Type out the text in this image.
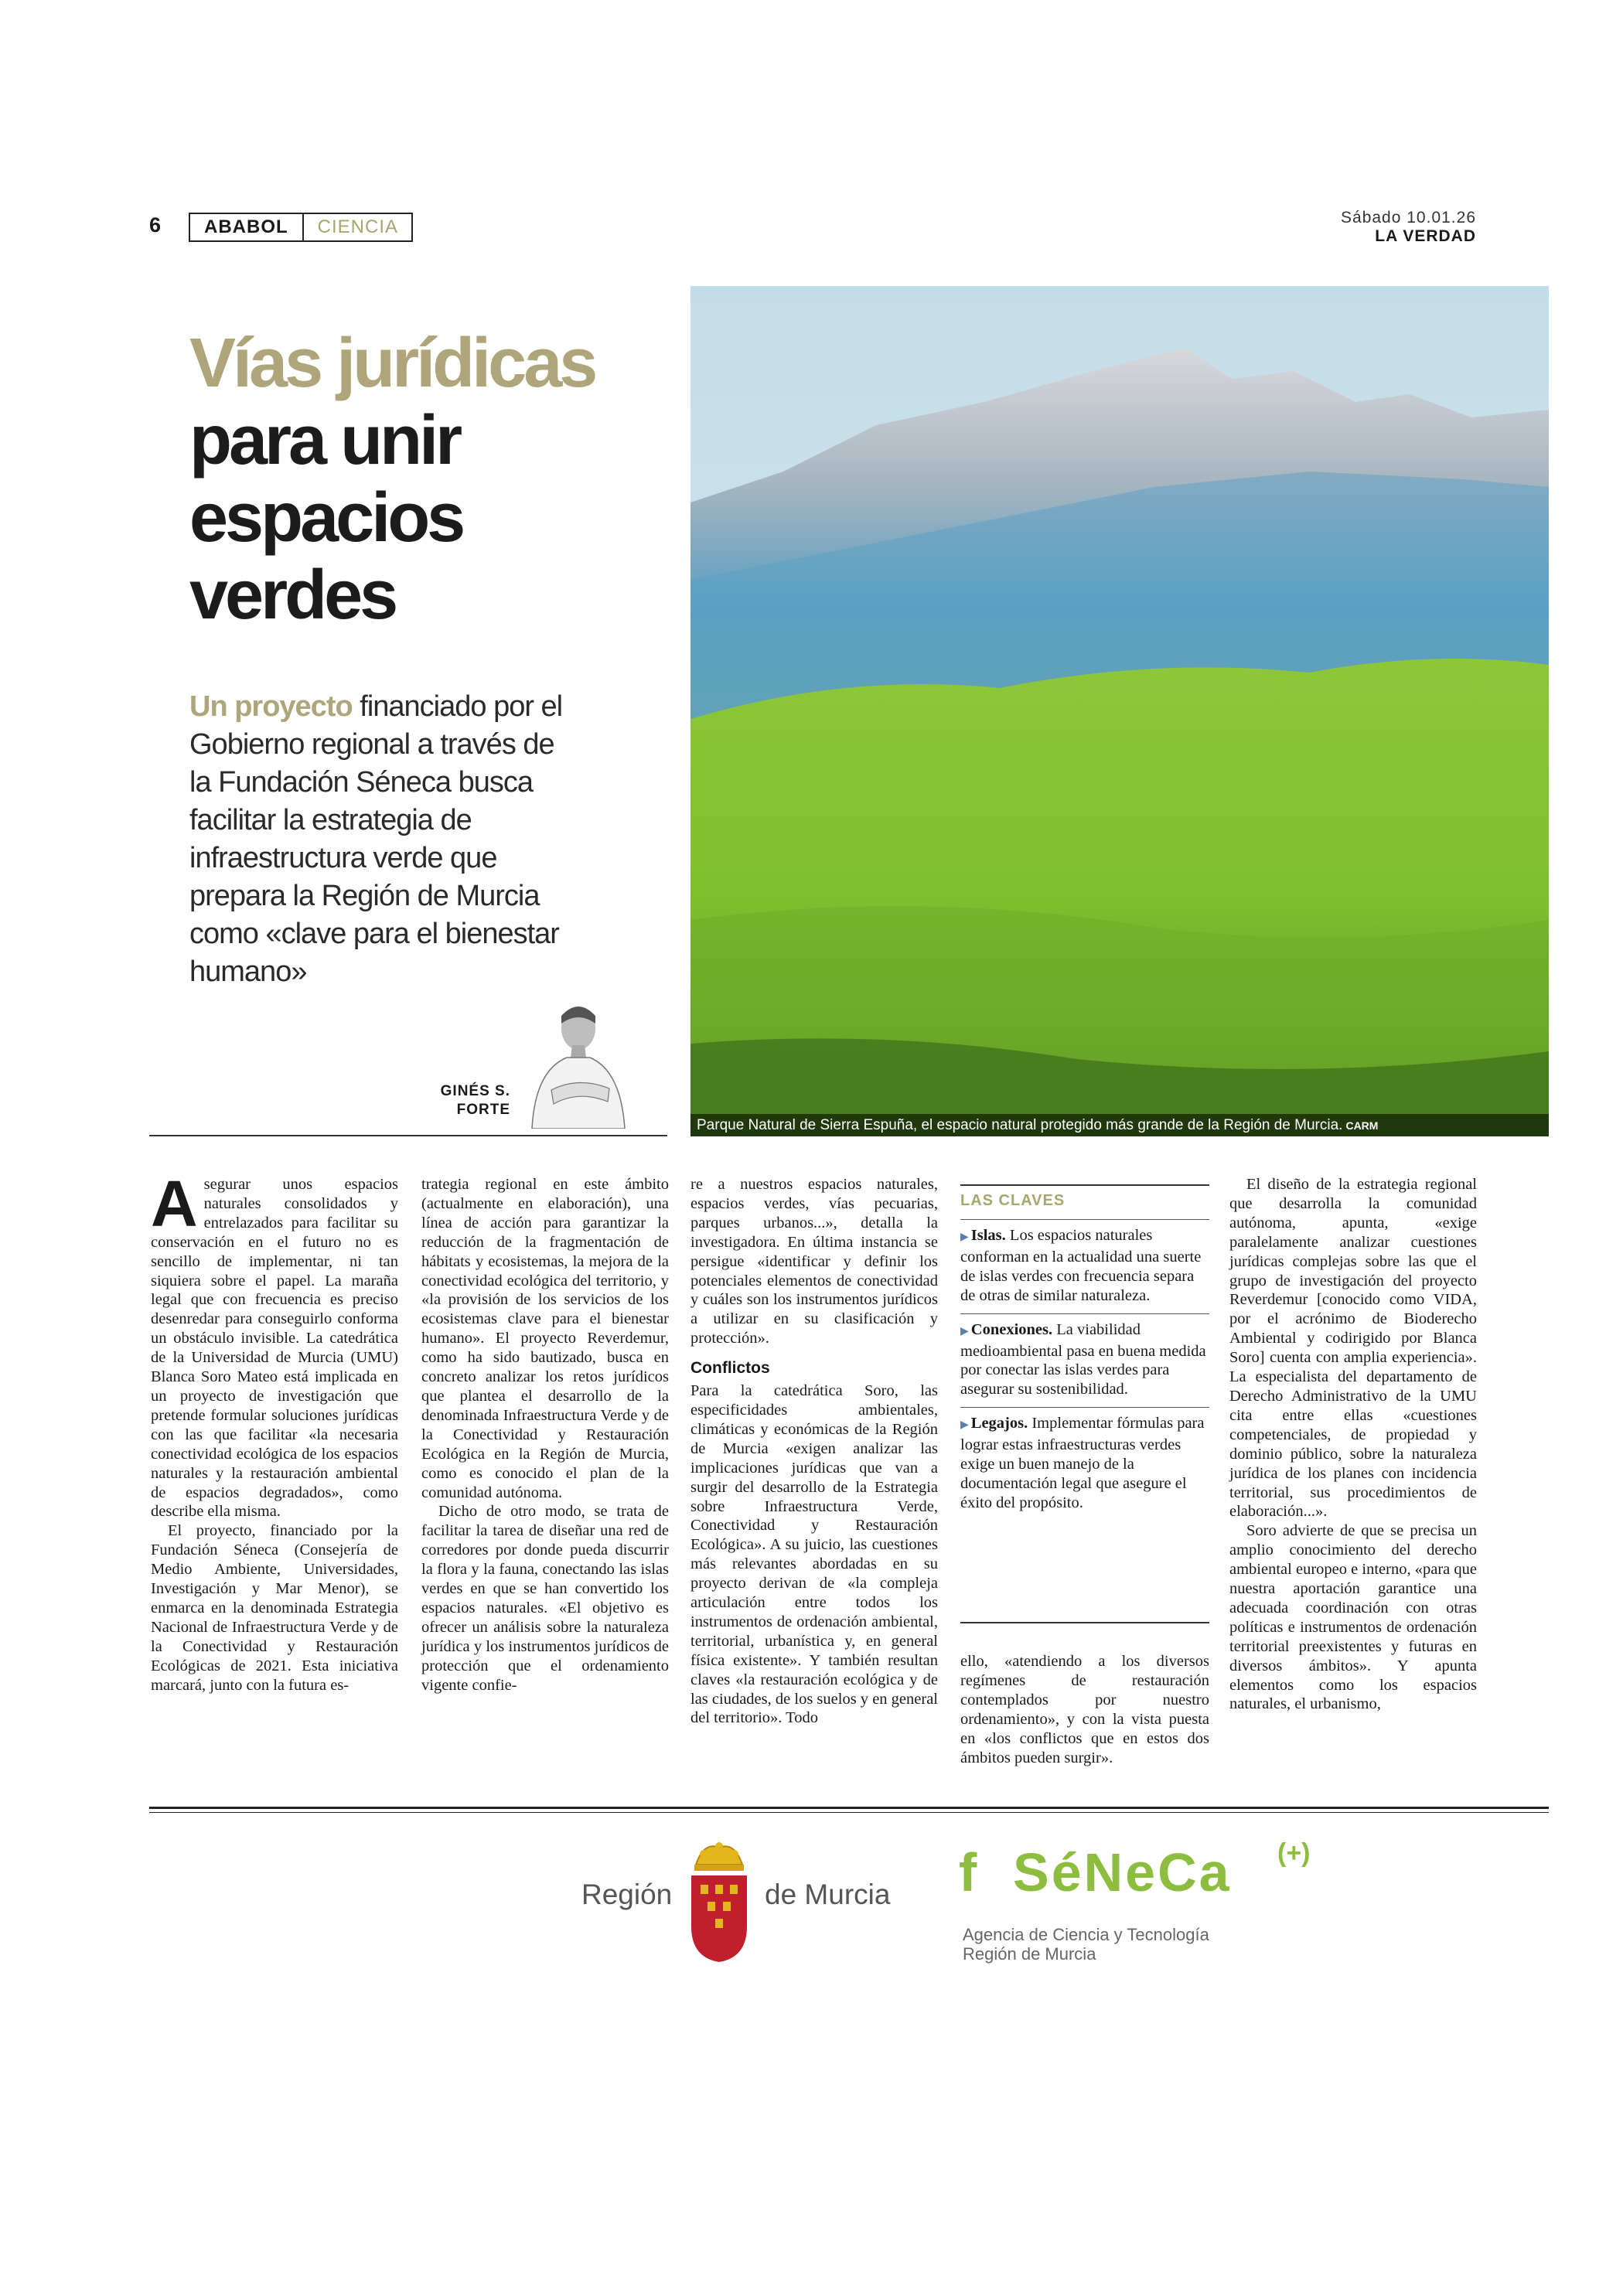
6	ABABOL	CIENCIA	Sábado 10.01.26
LA VERDAD
Vías jurídicas
para unir
espacios
verdes
Un proyecto financiado por el Gobierno regional a través de la Fundación Séneca busca facilitar la estrategia de infraestructura verde que prepara la Región de Murcia como «clave para el bienestar humano»
GINÉS S.
FORTE
Parque Natural de Sierra Espuña, el espacio natural protegido más grande de la Región de Murcia. CARM

Asegurar unos espacios naturales consolidados y entrelazados para facilitar su conservación en el futuro no es sencillo de implementar, ni tan siquiera sobre el papel. La maraña legal que con frecuencia es preciso desenredar para conseguirlo conforma un obstáculo invisible. La catedrática de la Universidad de Murcia (UMU) Blanca Soro Mateo está implicada en un proyecto de investigación que pretende formular soluciones jurídicas con las que facilitar «la necesaria conectividad ecológica de los espacios naturales y la restauración ambiental de espacios degradados», como describe ella misma.

El proyecto, financiado por la Fundación Séneca (Consejería de Medio Ambiente, Universidades, Investigación y Mar Menor), se enmarca en la denominada Estrategia Nacional de Infraestructura Verde y de la Conectividad y Restauración Ecológicas de 2021. Esta iniciativa marcará, junto con la futura es-

trategia regional en este ámbito (actualmente en elaboración), una línea de acción para garantizar la reducción de la fragmentación de hábitats y ecosistemas, la mejora de la conectividad ecológica del territorio, y «la provisión de los servicios de los ecosistemas clave para el bienestar humano». El proyecto Reverdemur, como ha sido bautizado, busca en concreto analizar los retos jurídicos que plantea el desarrollo de la denominada Infraestructura Verde y de la Conectividad y Restauración Ecológica en la Región de Murcia, como es conocido el plan de la comunidad autónoma.

Dicho de otro modo, se trata de facilitar la tarea de diseñar una red de corredores por donde pueda discurrir la flora y la fauna, conectando las islas verdes en que se han convertido los espacios naturales. «El objetivo es ofrecer un análisis sobre la naturaleza jurídica y los instrumentos jurídicos de protección que el ordenamiento vigente confie-

re a nuestros espacios naturales, espacios verdes, vías pecuarias, parques urbanos...», detalla la investigadora. En última instancia se persigue «identificar y definir los potenciales elementos de conectividad y cuáles son los instrumentos jurídicos a utilizar en su clasificación y protección».

Conflictos

Para la catedrática Soro, las especificidades ambientales, climáticas y económicas de la Región de Murcia «exigen analizar las implicaciones jurídicas que van a surgir del desarrollo de la Estrategia sobre Infraestructura Verde, Conectividad y Restauración Ecológica». A su juicio, las cuestiones más relevantes abordadas en su proyecto derivan de «la compleja articulación entre todos los instrumentos de ordenación ambiental, territorial, urbanística y, en general física existente». Y también resultan claves «la restauración ecológica y de las ciudades, de los suelos y en general del territorio». Todo

LAS CLAVES
▶ Islas. Los espacios naturales conforman en la actualidad una suerte de islas verdes con frecuencia separa de otras de similar naturaleza.
▶ Conexiones. La viabilidad medioambiental pasa en buena medida por conectar las islas verdes para asegurar su sostenibilidad.
▶ Legajos. Implementar fórmulas para lograr estas infraestructuras verdes exige un buen manejo de la documentación legal que asegure el éxito del propósito.
ello, «atendiendo a los diversos regímenes de restauración contemplados por nuestro ordenamiento», y con la vista puesta en «los conflictos que en estos dos ámbitos pueden surgir».

El diseño de la estrategia regional que desarrolla la comunidad autónoma, apunta, «exige paralelamente analizar cuestiones jurídicas complejas sobre las que el grupo de investigación del proyecto Reverdemur [conocido como VIDA, por el acrónimo de Bioderecho Ambiental y codirigido por Blanca Soro] cuenta con amplia experiencia». La especialista del departamento de Derecho Administrativo de la UMU cita entre ellas «cuestiones competenciales, de propiedad y dominio público, sobre la naturaleza jurídica de los planes con incidencia territorial, sus procedimientos de elaboración...».

Soro advierte de que se precisa un amplio conocimiento del derecho ambiental europeo e interno, «para que nuestra aportación garantice una adecuada coordinación con otras políticas e instrumentos de ordenación territorial preexistentes y futuras en diversos ámbitos». Y apunta elementos como los espacios naturales, el urbanismo,

Región	de Murcia f SéNeCa (+)
Agencia de Ciencia y Tecnología
Región de Murcia
